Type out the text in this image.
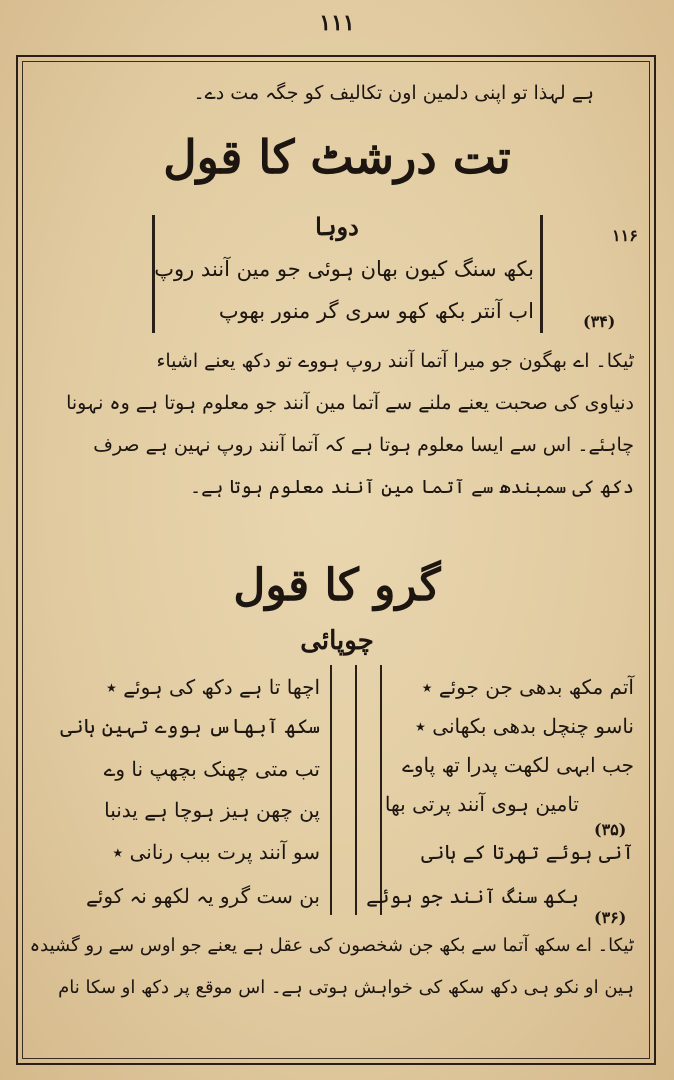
۱۱۱
ہے لہذا تو اپنی دلمین اون تکالیف کو جگہ مت دے۔
تت درشٹ کا قول
دوہا	۱۱۶
بکھ سنگ کیون بھان ہوئی جو مین آنند روپ
اب آنتر بکھ کھو سری گر منور بھوپ	(۳۴)
ٹیکا۔ اے بھگون جو میرا آتما آنند روپ ہووے تو دکھ یعنے اشیاء
دنیاوی کی صحبت یعنے ملنے سے آتما مین آنند جو معلوم ہوتا ہے وہ نہونا
چاہئے۔ اس سے ایسا معلوم ہوتا ہے کہ آتما آنند روپ نہین ہے صرف
دکھ کی سمبندھ سے آتما مین آنند معلوم ہوتا ہے۔
گرو کا قول
چوپائی
آتم مکھ بدھی جن جوئے ٭
ناسو چنچل بدھی بکھانی ٭
جب ابہی لکھت پدرا تھ پاوے
تامین ہوی آنند پرتی بھا
آنی ہوئے تھرتا کے ہانی
بکھ سنگ آنند جو ہوئے
(۳۵)
(۳۶)
اچھا تا ہے دکھ کی ہوئے ٭
سکھ آبھاس ہووے تہین ہانی
تب متی چھنک بچھپ نا وے
پن چھن ہیز ہوچا ہے یدنبا
سو آنند پرت ببب رنانی ٭
بن ست گرو یہ لکھو نہ کوئے
ٹیکا۔ اے سکھ آتما سے بکھ جن شخصون کی عقل ہے یعنے جو اوس سے رو گشیدہ
ہین او نکو ہی دکھ سکھ کی خواہش ہوتی ہے۔ اس موقع پر دکھ او سکا نام
